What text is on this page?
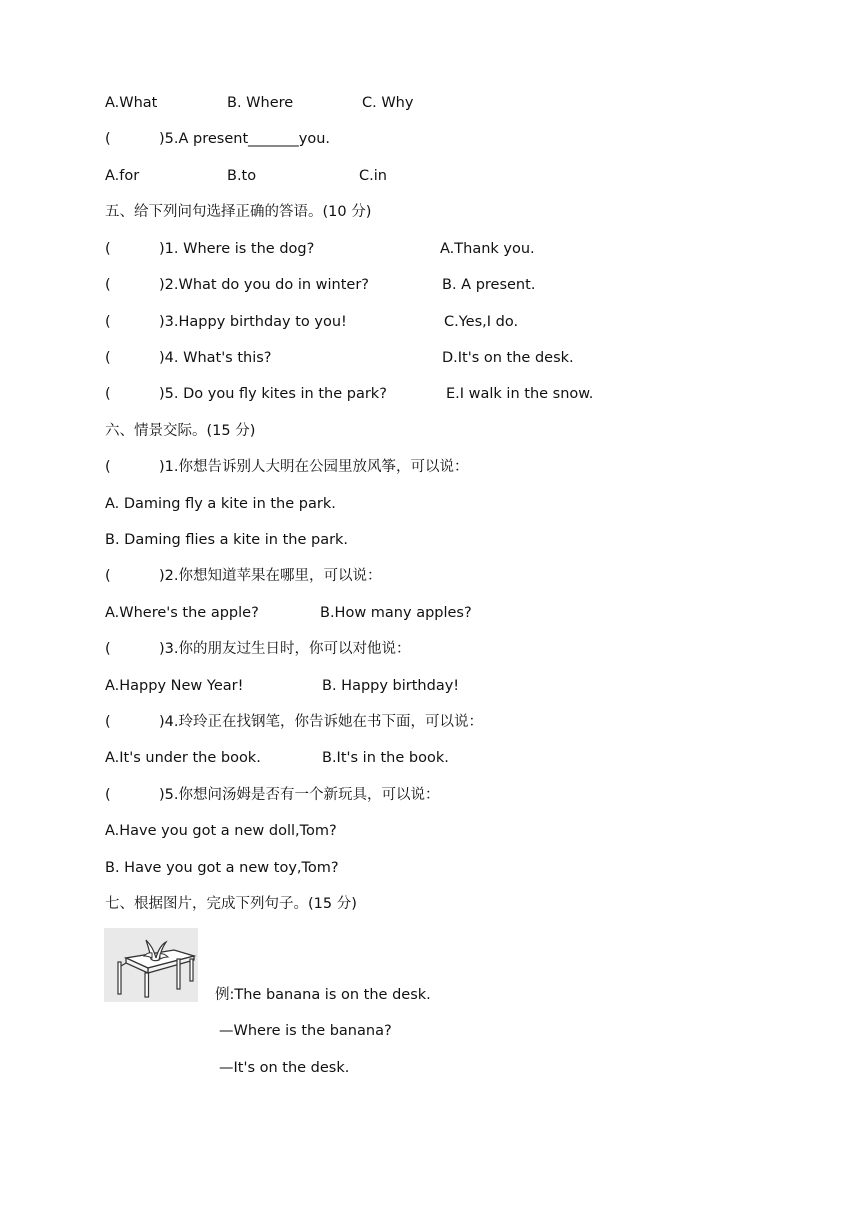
A.What	B. Where	C. Why
(	)5.A present _______you.
A.for	B.to	C.in
五、给下列问句选择正确的答语。(10 分)
(	)1. Where is the dog?	A.Thank you.
(	)2.What do you do in winter?	B. A present.
(	)3.Happy birthday to you!	C.Yes,I do.
(	)4. What's this?	D.It's on the desk.
(	)5. Do you fly kites in the park?	E.I walk in the snow.
六、情景交际。(15 分)
(	)1.你想告诉别人大明在公园里放风筝，可以说：
A. Daming fly a kite in the park.
B. Daming flies a kite in the park.
(	)2.你想知道苹果在哪里，可以说：
A.Where's the apple?	B.How many apples?
(	)3.你的朋友过生日时，你可以对他说：
A.Happy New Year!	B. Happy birthday!
(	)4.玲玲正在找钢笔，你告诉她在书下面，可以说：
A.It's under the book.	B.It's in the book.
(	)5.你想问汤姆是否有一个新玩具，可以说：
A.Have you got a new doll,Tom?
B. Have you got a new toy,Tom?
七、根据图片，完成下列句子。(15 分)
例:The banana is on the desk.
—Where is the banana?
—It's on the desk.
